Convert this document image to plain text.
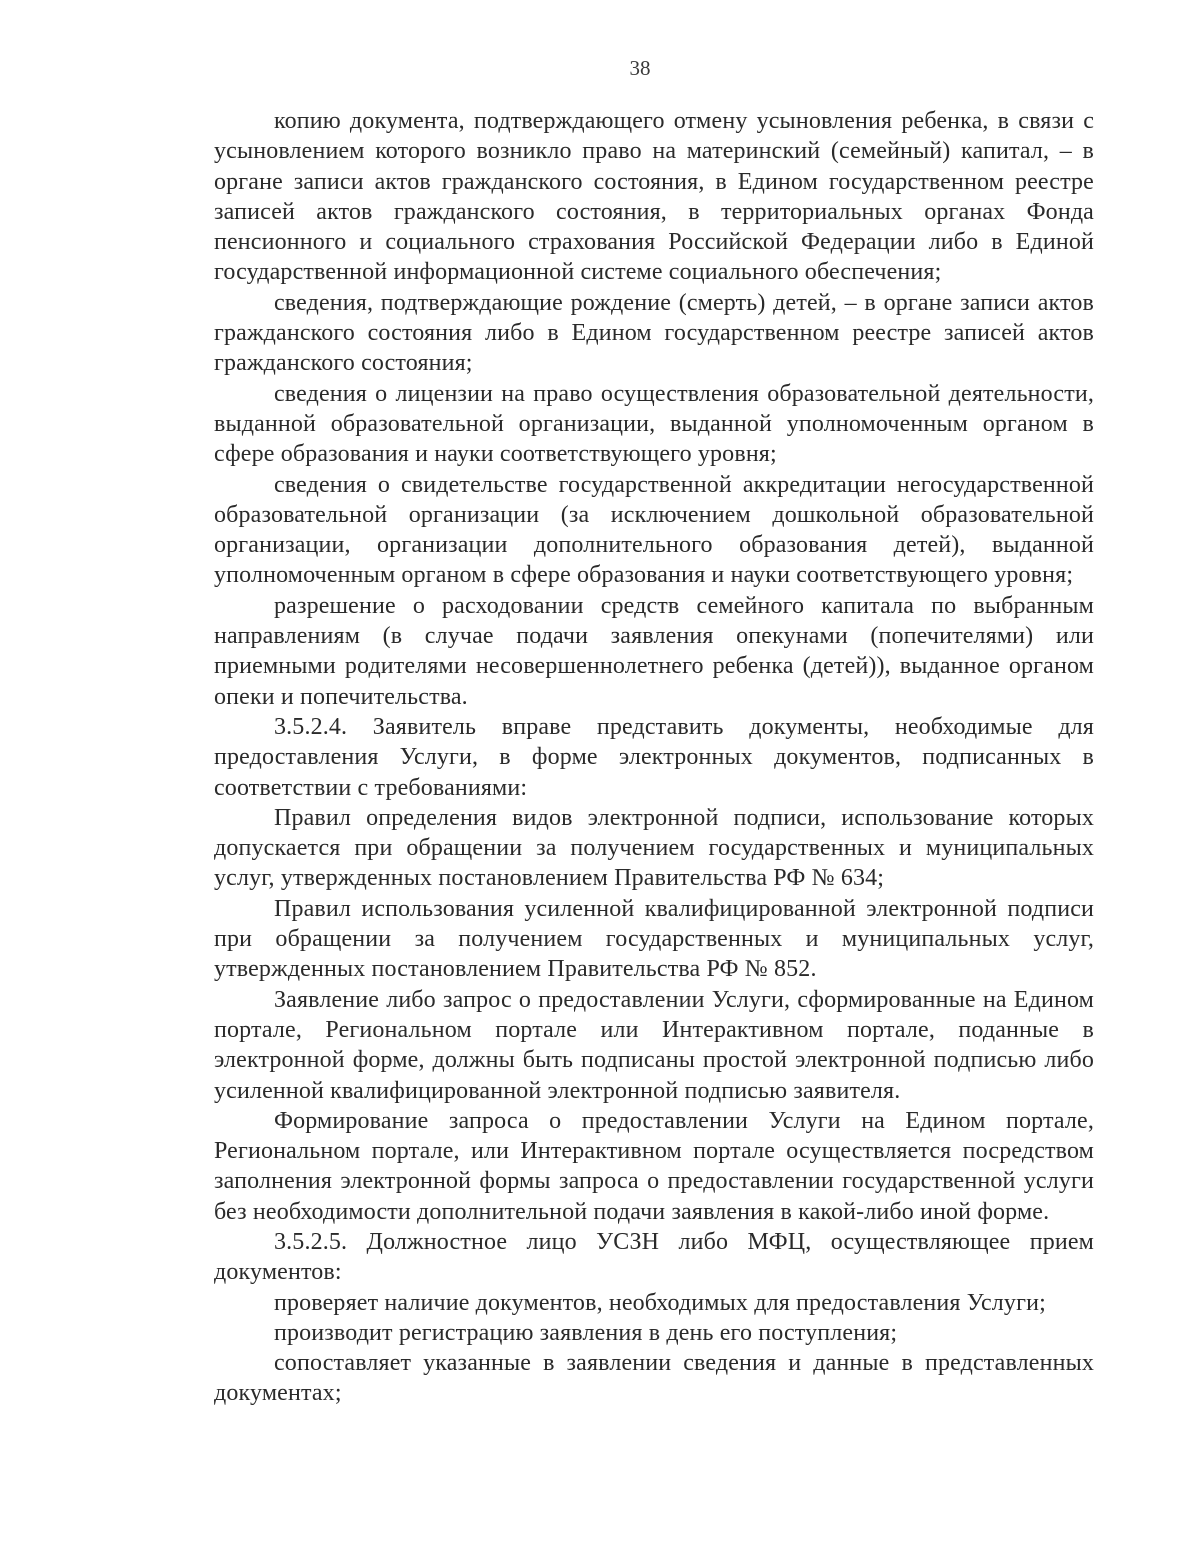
38

копию документа, подтверждающего отмену усыновления ребенка, в связи с усыновлением которого возникло право на материнский (семейный) капитал, – в органе записи актов гражданского состояния, в Едином государственном реестре записей актов гражданского состояния, в территориальных органах Фонда пенсионного и социального страхования Российской Федерации либо в Единой государственной информационной системе социального обеспечения;

сведения, подтверждающие рождение (смерть) детей, – в органе записи актов гражданского состояния либо в Едином государственном реестре записей актов гражданского состояния;

сведения о лицензии на право осуществления образовательной деятельности, выданной образовательной организации, выданной уполномоченным органом в сфере образования и науки соответствующего уровня;

сведения о свидетельстве государственной аккредитации негосударственной образовательной организации (за исключением дошкольной образовательной организации, организации дополнительного образования детей), выданной уполномоченным органом в сфере образования и науки соответствующего уровня;

разрешение о расходовании средств семейного капитала по выбранным направлениям (в случае подачи заявления опекунами (попечителями) или приемными родителями несовершеннолетнего ребенка (детей)), выданное органом опеки и попечительства.

3.5.2.4. Заявитель вправе представить документы, необходимые для предоставления Услуги, в форме электронных документов, подписанных в соответствии с требованиями:

Правил определения видов электронной подписи, использование которых допускается при обращении за получением государственных и муниципальных услуг, утвержденных постановлением Правительства РФ № 634;

Правил использования усиленной квалифицированной электронной подписи при обращении за получением государственных и муниципальных услуг, утвержденных постановлением Правительства РФ № 852.

Заявление либо запрос о предоставлении Услуги, сформированные на Едином портале, Региональном портале или Интерактивном портале, поданные в электронной форме, должны быть подписаны простой электронной подписью либо усиленной квалифицированной электронной подписью заявителя.

Формирование запроса о предоставлении Услуги на Едином портале, Региональном портале, или Интерактивном портале осуществляется посредством заполнения электронной формы запроса о предоставлении государственной услуги без необходимости дополнительной подачи заявления в какой-либо иной форме.

3.5.2.5. Должностное лицо УСЗН либо МФЦ, осуществляющее прием документов:

проверяет наличие документов, необходимых для предоставления Услуги;

производит регистрацию заявления в день его поступления;

сопоставляет указанные в заявлении сведения и данные в представленных документах;
